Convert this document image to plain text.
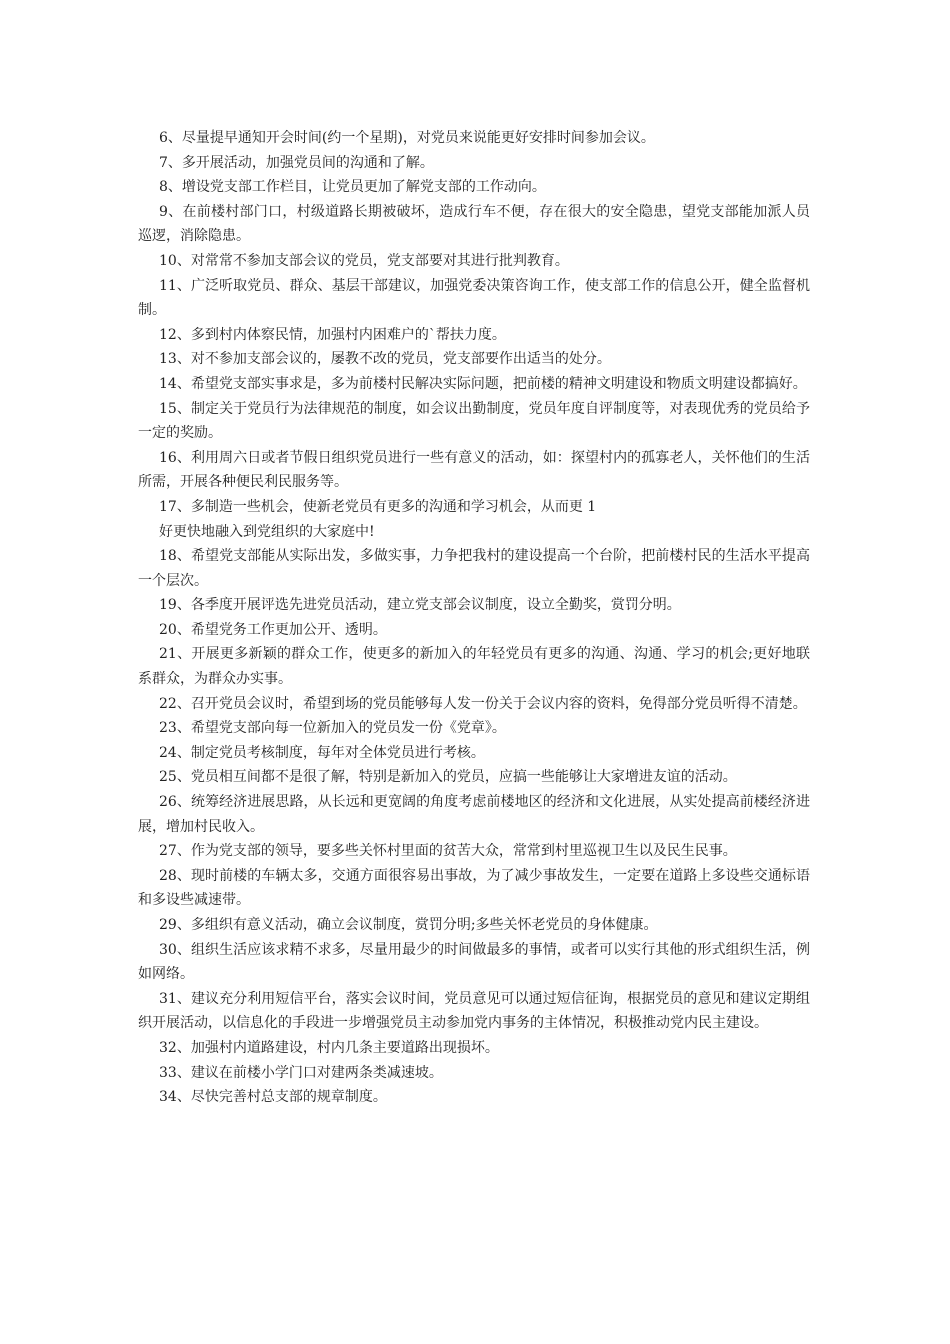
6、尽量提早通知开会时间(约一个星期)，对党员来说能更好安排时间参加会议。

7、多开展活动，加强党员间的沟通和了解。

8、增设党支部工作栏目，让党员更加了解党支部的工作动向。

9、在前楼村部门口，村级道路长期被破坏，造成行车不便，存在很大的安全隐患，望党支部能加派人员巡逻，消除隐患。

10、对常常不参加支部会议的党员，党支部要对其进行批判教育。

11、广泛听取党员、群众、基层干部建议，加强党委决策咨询工作，使支部工作的信息公开，健全监督机制。

12、多到村内体察民情，加强村内困难户的`帮扶力度。

13、对不参加支部会议的，屡教不改的党员，党支部要作出适当的处分。

14、希望党支部实事求是，多为前楼村民解决实际问题，把前楼的精神文明建设和物质文明建设都搞好。

15、制定关于党员行为法律规范的制度，如会议出勤制度，党员年度自评制度等，对表现优秀的党员给予一定的奖励。

16、利用周六日或者节假日组织党员进行一些有意义的活动，如：探望村内的孤寡老人，关怀他们的生活所需，开展各种便民利民服务等。

17、多制造一些机会，使新老党员有更多的沟通和学习机会，从而更 1

好更快地融入到党组织的大家庭中!

18、希望党支部能从实际出发，多做实事，力争把我村的建设提高一个台阶，把前楼村民的生活水平提高一个层次。

19、各季度开展评选先进党员活动，建立党支部会议制度，设立全勤奖，赏罚分明。

20、希望党务工作更加公开、透明。

21、开展更多新颖的群众工作，使更多的新加入的年轻党员有更多的沟通、沟通、学习的机会;更好地联系群众，为群众办实事。

22、召开党员会议时，希望到场的党员能够每人发一份关于会议内容的资料，免得部分党员听得不清楚。

23、希望党支部向每一位新加入的党员发一份《党章》。

24、制定党员考核制度，每年对全体党员进行考核。

25、党员相互间都不是很了解，特别是新加入的党员，应搞一些能够让大家增进友谊的活动。

26、统筹经济进展思路，从长远和更宽阔的角度考虑前楼地区的经济和文化进展，从实处提高前楼经济进展，增加村民收入。

27、作为党支部的领导，要多些关怀村里面的贫苦大众，常常到村里巡视卫生以及民生民事。

28、现时前楼的车辆太多，交通方面很容易出事故，为了减少事故发生，一定要在道路上多设些交通标语和多设些减速带。

29、多组织有意义活动，确立会议制度，赏罚分明;多些关怀老党员的身体健康。

30、组织生活应该求精不求多，尽量用最少的时间做最多的事情，或者可以实行其他的形式组织生活，例如网络。

31、建议充分利用短信平台，落实会议时间，党员意见可以通过短信征询，根据党员的意见和建议定期组织开展活动，以信息化的手段进一步增强党员主动参加党内事务的主体情况，积极推动党内民主建设。

32、加强村内道路建设，村内几条主要道路出现损坏。

33、建议在前楼小学门口对建两条类减速坡。

34、尽快完善村总支部的规章制度。
